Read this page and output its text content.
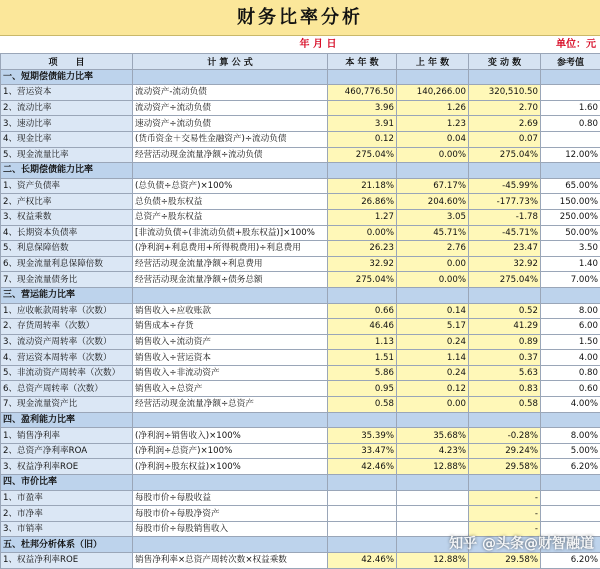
财务比率分析
年 月 日	单位：元
项　　目	计 算 公 式	本 年 数	上 年 数	变 动 数	参考值
一、短期偿债能力比率					
1、营运资本	流动资产-流动负债	460,776.50	140,266.00	320,510.50	
2、流动比率	流动资产÷流动负债	3.96	1.26	2.70	1.60
3、速动比率	速动资产÷流动负债	3.91	1.23	2.69	0.80
4、现金比率	(货币资金＋交易性金融资产)÷流动负债	0.12	0.04	0.07	
5、现金流量比率	经营活动现金流量净额÷流动负债	275.04%	0.00%	275.04%	12.00%
二、长期偿债能力比率					
1、资产负债率	(总负债÷总资产)×100%	21.18%	67.17%	-45.99%	65.00%
2、产权比率	总负债÷股东权益	26.86%	204.60%	-177.73%	150.00%
3、权益乘数	总资产÷股东权益	1.27	3.05	-1.78	250.00%
4、长期资本负债率	[非流动负债÷(非流动负债+股东权益)]×100%	0.00%	45.71%	-45.71%	50.00%
5、利息保障倍数	(净利润+利息费用+所得税费用)÷利息费用	26.23	2.76	23.47	3.50
6、现金流量利息保障倍数	经营活动现金流量净额÷利息费用	32.92	0.00	32.92	1.40
7、现金流量债务比	经营活动现金流量净额÷债务总额	275.04%	0.00%	275.04%	7.00%
三、营运能力比率					
1、应收帐款周转率（次数）	销售收入÷应收账款	0.66	0.14	0.52	8.00
2、存货周转率（次数）	销售成本÷存货	46.46	5.17	41.29	6.00
3、流动资产周转率（次数）	销售收入÷流动资产	1.13	0.24	0.89	1.50
4、营运资本周转率（次数）	销售收入÷营运资本	1.51	1.14	0.37	4.00
5、非流动资产周转率（次数）	销售收入÷非流动资产	5.86	0.24	5.63	0.80
6、总资产周转率（次数）	销售收入÷总资产	0.95	0.12	0.83	0.60
7、现金流量资产比	经营活动现金流量净额÷总资产	0.58	0.00	0.58	4.00%
四、盈利能力比率					
1、销售净利率	(净利润÷销售收入)×100%	35.39%	35.68%	-0.28%	8.00%
2、总资产净利率ROA	(净利润÷总资产)×100%	33.47%	4.23%	29.24%	5.00%
3、权益净利率ROE	(净利润÷股东权益)×100%	42.46%	12.88%	29.58%	6.20%
四、市价比率					
1、市盈率	每股市价÷每股收益			-	
2、市净率	每股市价÷每股净资产			-	
3、市销率	每股市价÷每股销售收入			-	
五、杜邦分析体系（旧）					
1、权益净利率ROE	销售净利率×总资产周转次数×权益乘数	42.46%	12.88%	29.58%	6.20%
知乎 @头条@财智融道
